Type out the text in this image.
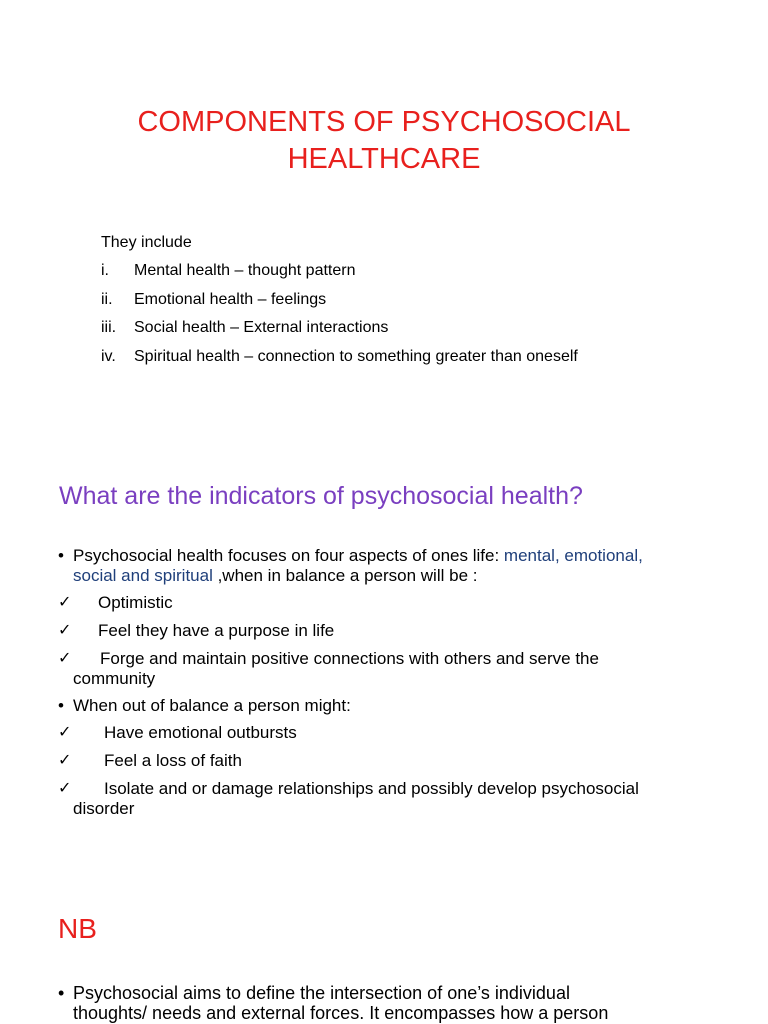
COMPONENTS OF PSYCHOSOCIAL
HEALTHCARE
They include
i. Mental health – thought pattern
ii. Emotional health – feelings
iii. Social health – External interactions
iv. Spiritual health – connection to something greater than oneself
What are the indicators of psychosocial health?
• Psychosocial health focuses on four aspects of ones life: mental, emotional,
social and spiritual ,when in balance a person will be :
✓	Optimistic
✓	Feel they have a purpose in life
✓	Forge and maintain positive connections with others and serve the
community
• When out of balance a person might:
✓	Have emotional outbursts
✓	Feel a loss of faith
✓	Isolate and or damage relationships and possibly develop psychosocial
disorder
NB
• Psychosocial aims to define the intersection of one’s individual
thoughts/ needs and external forces. It encompasses how a person
